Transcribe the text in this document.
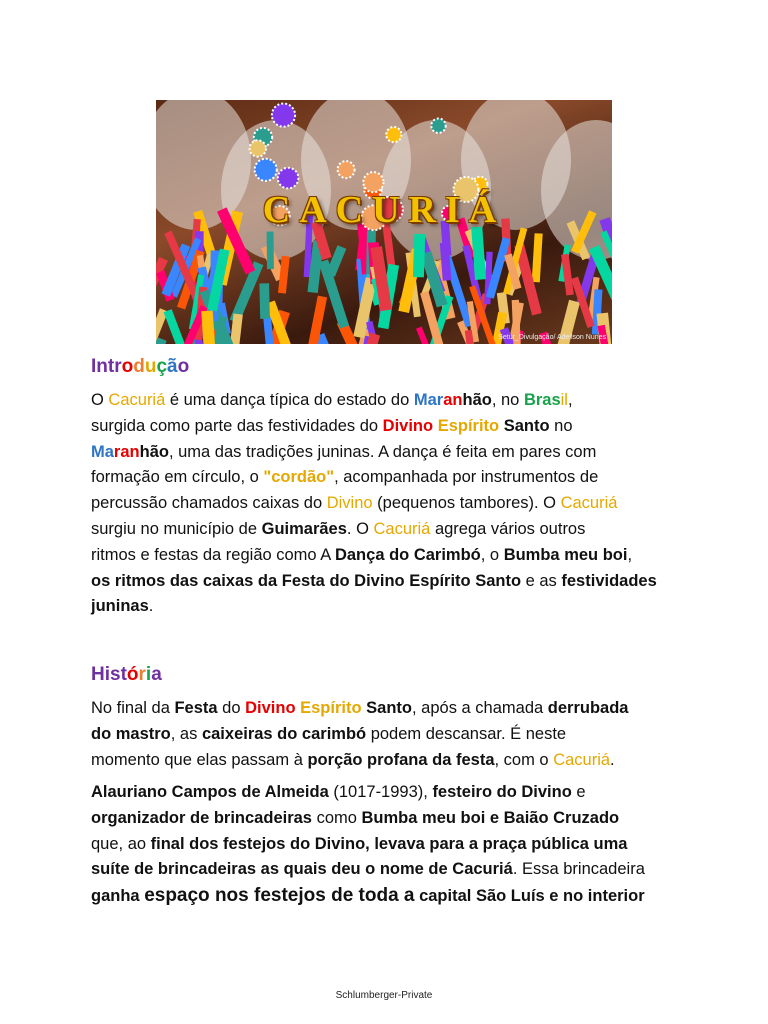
CACURIÁ
Setur_Divulgação/ Adeilson Nunes
Introdução

O Cacuriá é uma dança típica do estado do Maranhão, no Brasil,
surgida como parte das festividades do Divino Espírito Santo no
Maranhão, uma das tradições juninas. A dança é feita em pares com
formação em círculo, o "cordão", acompanhada por instrumentos de
percussão chamados caixas do Divino (pequenos tambores). O Cacuriá
surgiu no município de Guimarães. O Cacuriá agrega vários outros
ritmos e festas da região como A Dança do Carimbó, o Bumba meu boi,
os ritmos das caixas da Festa do Divino Espírito Santo e as festividades
juninas.

História

No final da Festa do Divino Espírito Santo, após a chamada derrubada
do mastro, as caixeiras do carimbó podem descansar. É neste
momento que elas passam à porção profana da festa, com o Cacuriá.

Alauriano Campos de Almeida (1017-1993), festeiro do Divino e
organizador de brincadeiras como Bumba meu boi e Baião Cruzado
que, ao final dos festejos do Divino, levava para a praça pública uma
suíte de brincadeiras as quais deu o nome de Cacuriá. Essa brincadeira
ganha espaço nos festejos de toda a capital São Luís e no interior

Schlumberger-Private
